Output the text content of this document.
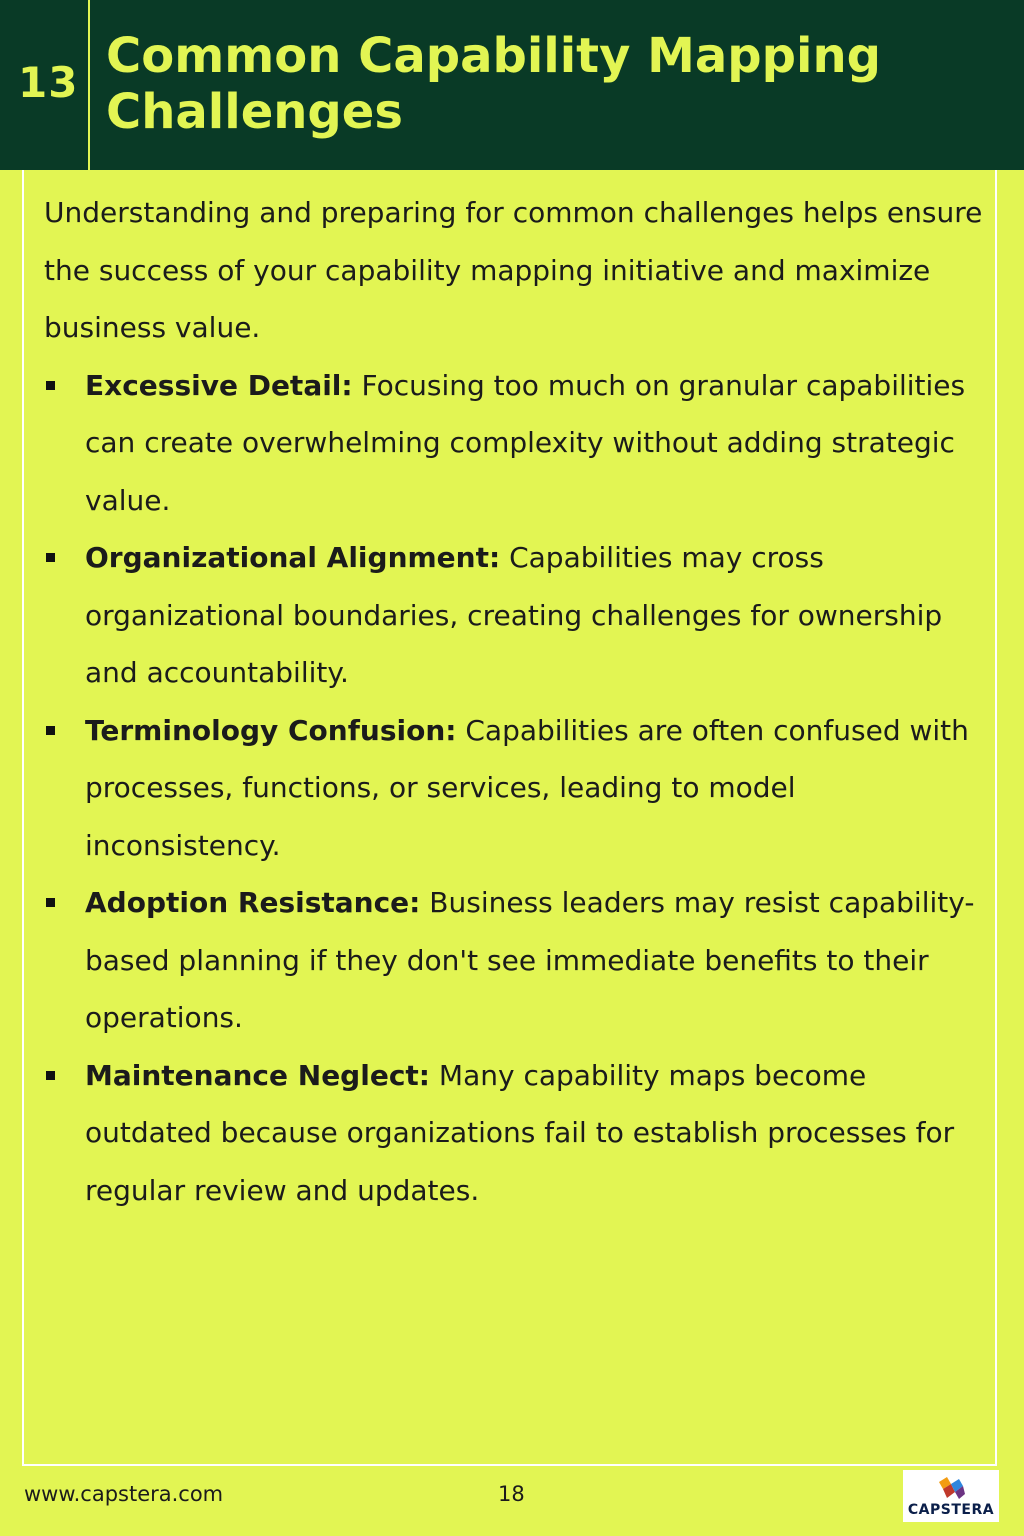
13 Common Capability Mapping Challenges

Understanding and preparing for common challenges helps ensure the success of your capability mapping initiative and maximize business value.

Excessive Detail: Focusing too much on granular capabilities can create overwhelming complexity without adding strategic value.
Organizational Alignment: Capabilities may cross organizational boundaries, creating challenges for ownership and accountability.
Terminology Confusion: Capabilities are often confused with processes, functions, or services, leading to model inconsistency.
Adoption Resistance: Business leaders may resist capability-based planning if they don't see immediate benefits to their operations.
Maintenance Neglect: Many capability maps become outdated because organizations fail to establish processes for regular review and updates.
www.capstera.com	18
CAPSTERA
